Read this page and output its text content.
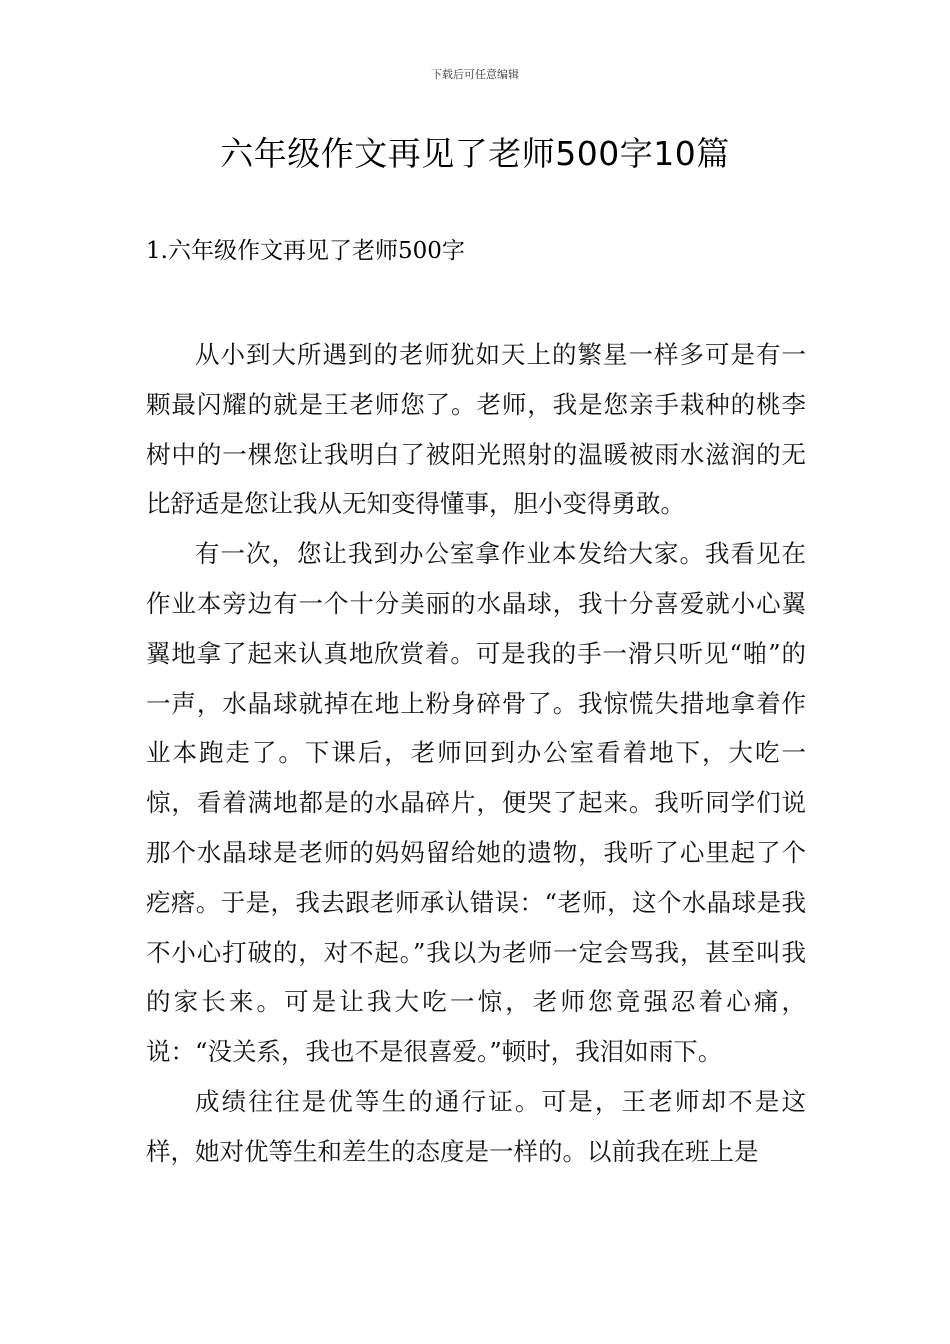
下载后可任意编辑
六年级作文再见了老师500字10篇
1.六年级作文再见了老师500字

从小到大所遇到的老师犹如天上的繁星一样多可是有一颗最闪耀的就是王老师您了。老师，我是您亲手栽种的桃李树中的一棵您让我明白了被阳光照射的温暖被雨水滋润的无比舒适是您让我从无知变得懂事，胆小变得勇敢。

有一次，您让我到办公室拿作业本发给大家。我看见在作业本旁边有一个十分美丽的水晶球，我十分喜爱就小心翼翼地拿了起来认真地欣赏着。可是我的手一滑只听见“啪”的一声，水晶球就掉在地上粉身碎骨了。我惊慌失措地拿着作业本跑走了。下课后，老师回到办公室看着地下，大吃一惊，看着满地都是的水晶碎片，便哭了起来。我听同学们说那个水晶球是老师的妈妈留给她的遗物，我听了心里起了个疙瘩。于是，我去跟老师承认错误：“老师，这个水晶球是我不小心打破的，对不起。”我以为老师一定会骂我，甚至叫我的家长来。可是让我大吃一惊，老师您竟强忍着心痛，说：“没关系，我也不是很喜爱。”顿时，我泪如雨下。

成绩往往是优等生的通行证。可是，王老师却不是这样，她对优等生和差生的态度是一样的。以前我在班上是
